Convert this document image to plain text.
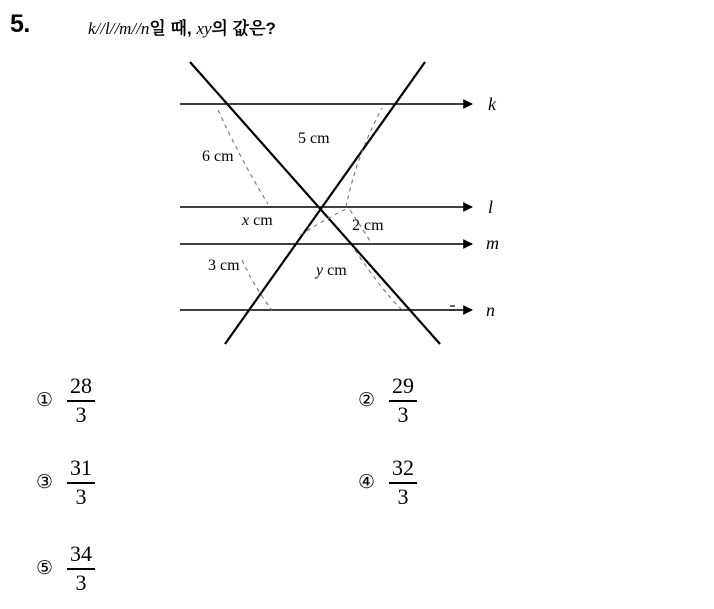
5.	k//l//m//n일 때, xy의 값은?
k
l
m
n
6 cm
5 cm
x cm	2 cm
3 cm	y cm
① $\frac{28}{3}$	② $\frac{29}{3}$
③ $\frac{31}{3}$	④ $\frac{32}{3}$
⑤ $\frac{34}{3}$
